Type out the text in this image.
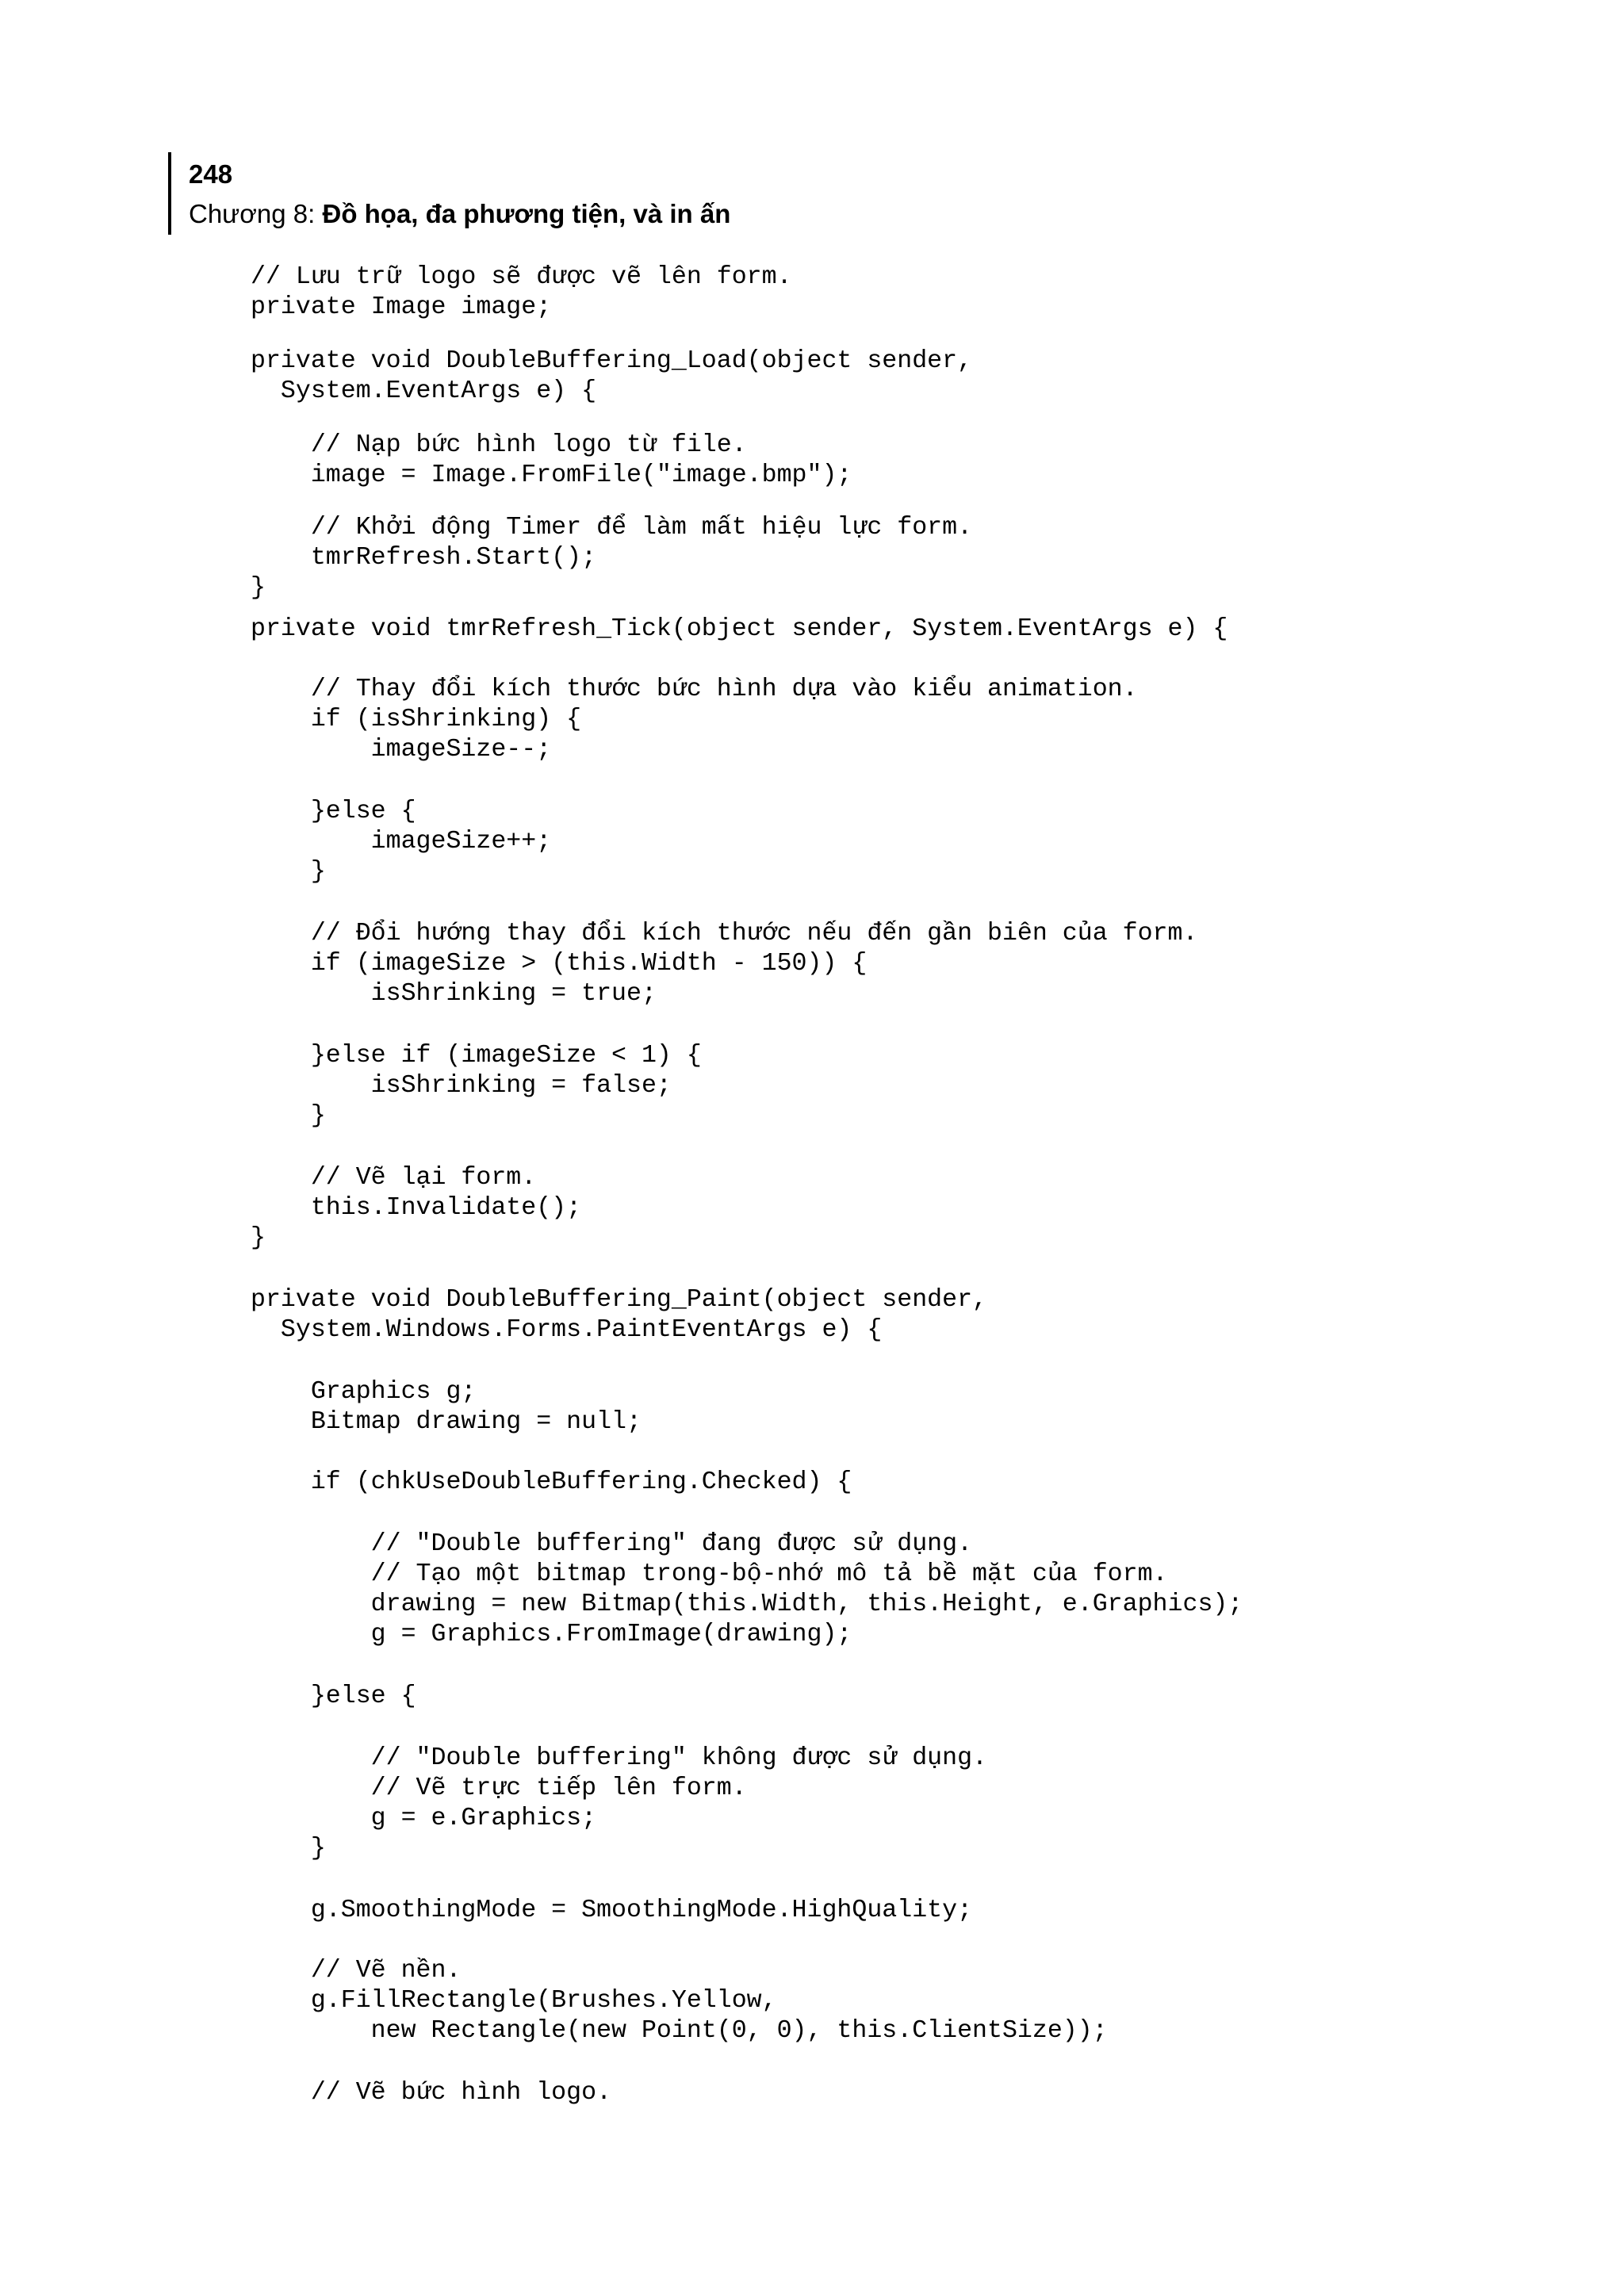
248
Chương 8: Đồ họa, đa phương tiện, và in ấn
// Lưu trữ logo sẽ được vẽ lên form.
private Image image;
private void DoubleBuffering_Load(object sender,
System.EventArgs e) {
// Nạp bức hình logo từ file.
image = Image.FromFile("image.bmp");
// Khởi động Timer để làm mất hiệu lực form.
tmrRefresh.Start();
}
private void tmrRefresh_Tick(object sender, System.EventArgs e) {
// Thay đổi kích thước bức hình dựa vào kiểu animation.
if (isShrinking) {
imageSize--;
}else {
imageSize++;
}
// Đổi hướng thay đổi kích thước nếu đến gần biên của form.
if (imageSize > (this.Width - 150)) {
isShrinking = true;
}else if (imageSize < 1) {
isShrinking = false;
}
// Vẽ lại form.
this.Invalidate();
}
private void DoubleBuffering_Paint(object sender,
System.Windows.Forms.PaintEventArgs e) {
Graphics g;
Bitmap drawing = null;
if (chkUseDoubleBuffering.Checked) {
// "Double buffering" đang được sử dụng.
// Tạo một bitmap trong-bộ-nhớ mô tả bề mặt của form.
drawing = new Bitmap(this.Width, this.Height, e.Graphics);
g = Graphics.FromImage(drawing);
}else {
// "Double buffering" không được sử dụng.
// Vẽ trực tiếp lên form.
g = e.Graphics;
}
g.SmoothingMode = SmoothingMode.HighQuality;
// Vẽ nền.
g.FillRectangle(Brushes.Yellow,
new Rectangle(new Point(0, 0), this.ClientSize));
// Vẽ bức hình logo.
